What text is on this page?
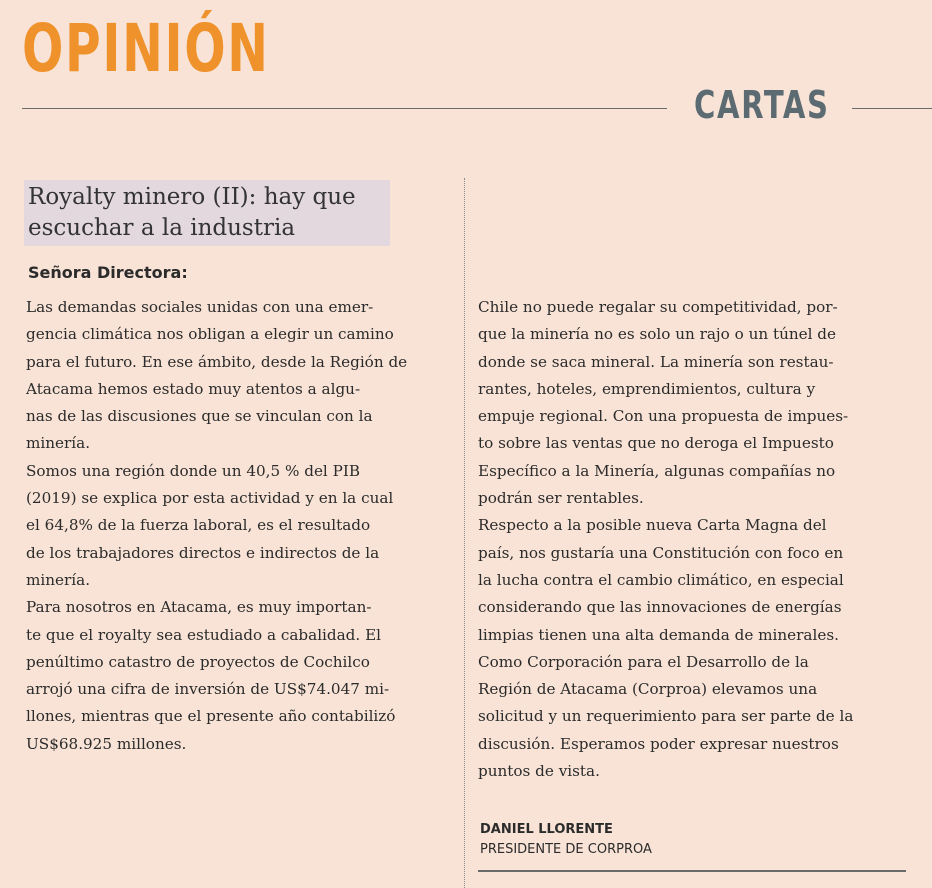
OPINIÓN
CARTAS
Royalty minero (II): hay que
escuchar a la industria
Señora Directora:
Las demandas sociales unidas con una emer-
gencia climática nos obligan a elegir un camino
para el futuro. En ese ámbito, desde la Región de
Atacama hemos estado muy atentos a algu-
nas de las discusiones que se vinculan con la
minería.
Somos una región donde un 40,5 % del PIB
(2019) se explica por esta actividad y en la cual
el 64,8% de la fuerza laboral, es el resultado
de los trabajadores directos e indirectos de la
minería.
Para nosotros en Atacama, es muy importan-
te que el royalty sea estudiado a cabalidad. El
penúltimo catastro de proyectos de Cochilco
arrojó una cifra de inversión de US$74.047 mi-
llones, mientras que el presente año contabilizó
US$68.925 millones.
Chile no puede regalar su competitividad, por-
que la minería no es solo un rajo o un túnel de
donde se saca mineral. La minería son restau-
rantes, hoteles, emprendimientos, cultura y
empuje regional. Con una propuesta de impues-
to sobre las ventas que no deroga el Impuesto
Específico a la Minería, algunas compañías no
podrán ser rentables.
Respecto a la posible nueva Carta Magna del
país, nos gustaría una Constitución con foco en
la lucha contra el cambio climático, en especial
considerando que las innovaciones de energías
limpias tienen una alta demanda de minerales.
Como Corporación para el Desarrollo de la
Región de Atacama (Corproa) elevamos una
solicitud y un requerimiento para ser parte de la
discusión. Esperamos poder expresar nuestros
puntos de vista.
DANIEL LLORENTE
PRESIDENTE DE CORPROA
